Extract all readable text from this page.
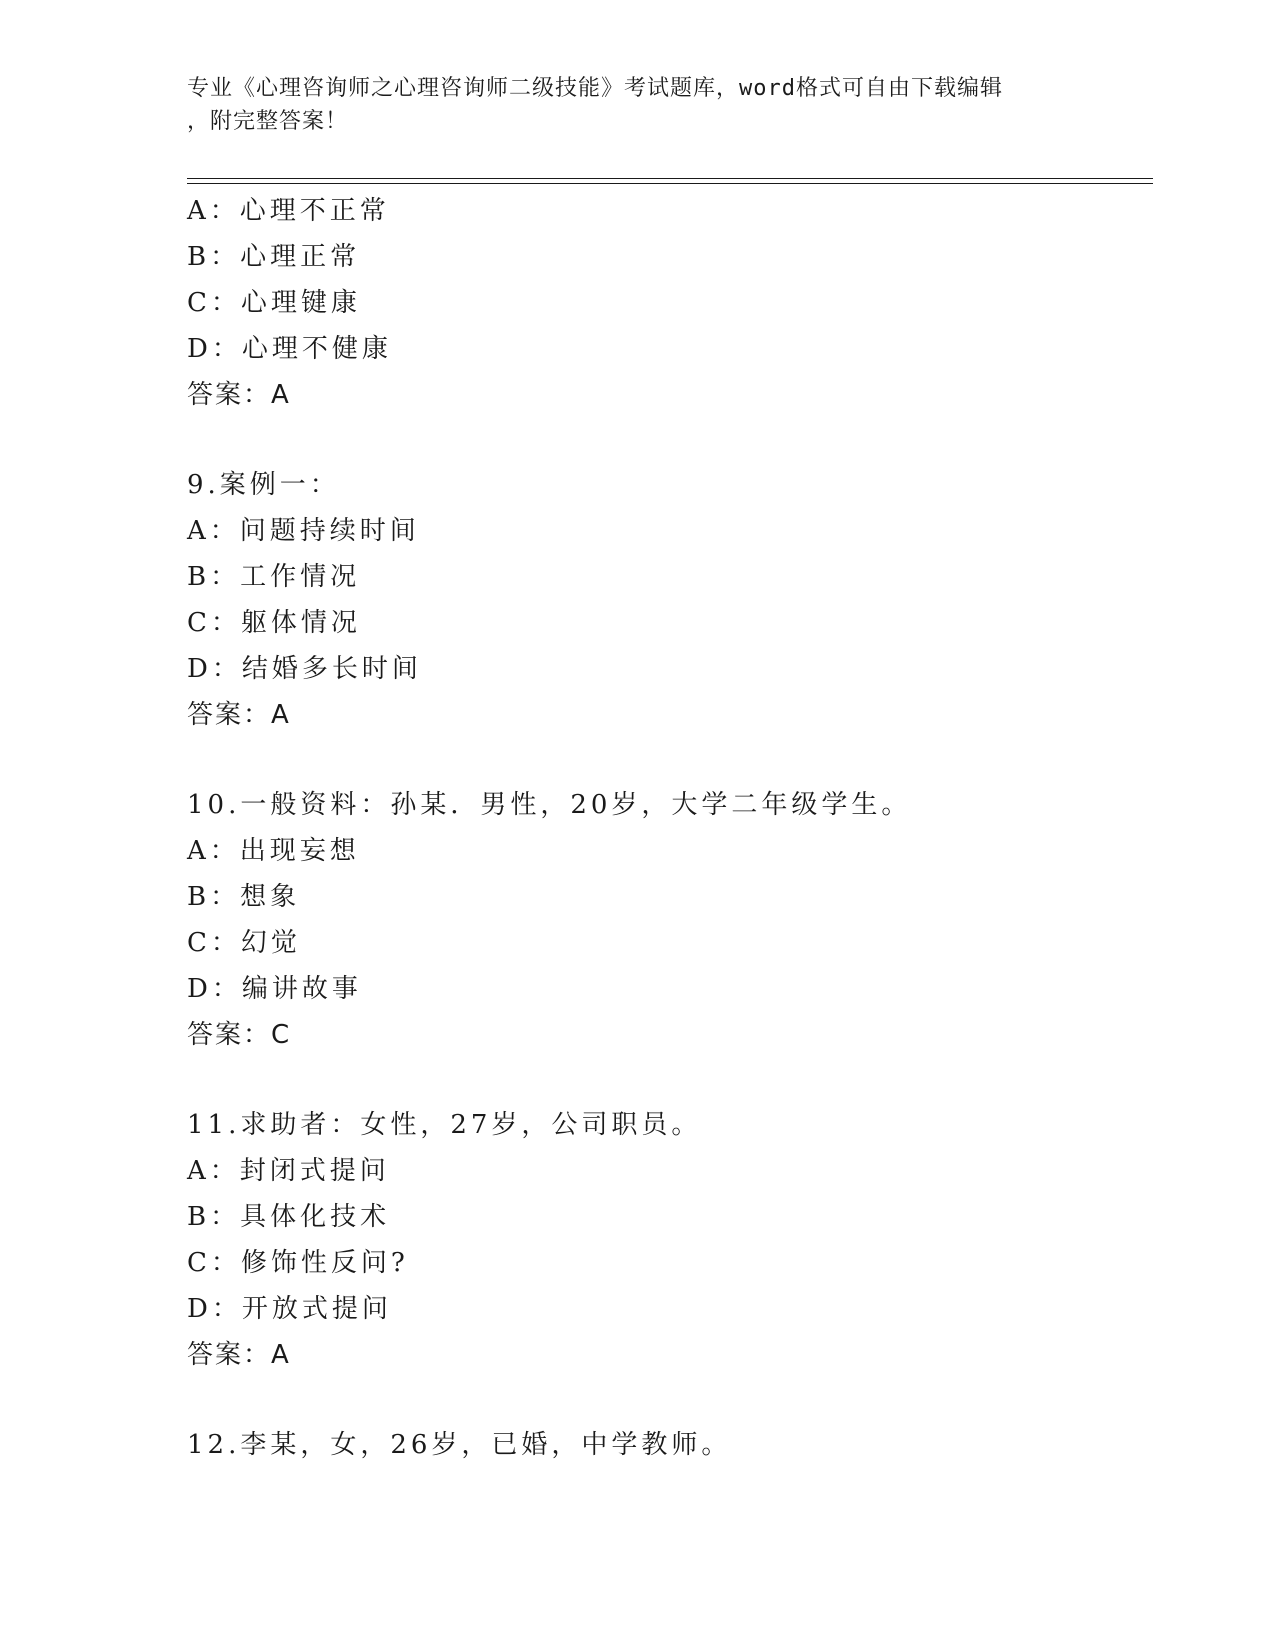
专业《心理咨询师之心理咨询师二级技能》考试题库，word格式可自由下载编辑
，附完整答案！
A：心理不正常
B：心理正常
C：心理键康
D：心理不健康
答案：A
9.案例一：
A：问题持续时间
B：工作情况
C：躯体情况
D：结婚多长时间
答案：A
10.一般资料：孙某．男性，20岁，大学二年级学生。
A：出现妄想
B：想象
C：幻觉
D：编讲故事
答案：C
11.求助者：女性，27岁，公司职员。
A：封闭式提问
B：具体化技术
C：修饰性反问?
D：开放式提问
答案：A
12.李某，女，26岁，已婚，中学教师。
